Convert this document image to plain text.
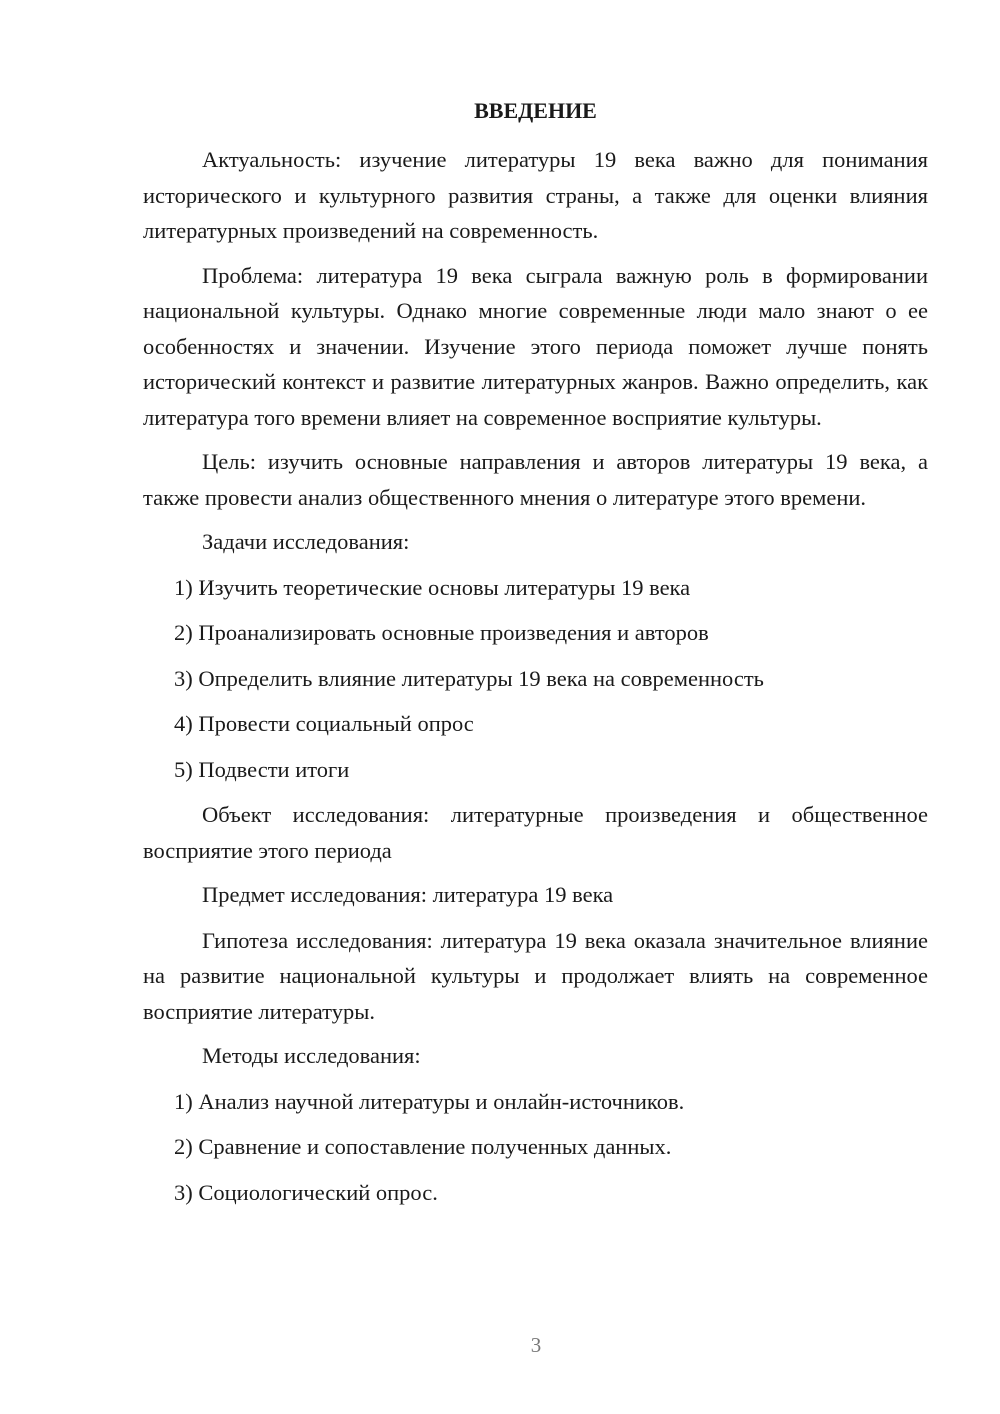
ВВЕДЕНИЕ

Актуальность: изучение литературы 19 века важно для понимания исторического и культурного развития страны, а также для оценки влияния литературных произведений на современность.

Проблема: литература 19 века сыграла важную роль в формировании национальной культуры. Однако многие современные люди мало знают о ее особенностях и значении. Изучение этого периода поможет лучше понять исторический контекст и развитие литературных жанров. Важно определить, как литература того времени влияет на современное восприятие культуры.

Цель: изучить основные направления и авторов литературы 19 века, а также провести анализ общественного мнения о литературе этого времени.

Задачи исследования:

1) Изучить теоретические основы литературы 19 века
2) Проанализировать основные произведения и авторов
3) Определить влияние литературы 19 века на современность
4) Провести социальный опрос
5) Подвести итоги

Объект исследования: литературные произведения и общественное восприятие этого периода

Предмет исследования: литература 19 века

Гипотеза исследования: литература 19 века оказала значительное влияние на развитие национальной культуры и продолжает влиять на современное восприятие литературы.

Методы исследования:

1) Анализ научной литературы и онлайн-источников.
2) Сравнение и сопоставление полученных данных.
3) Социологический опрос.
3
